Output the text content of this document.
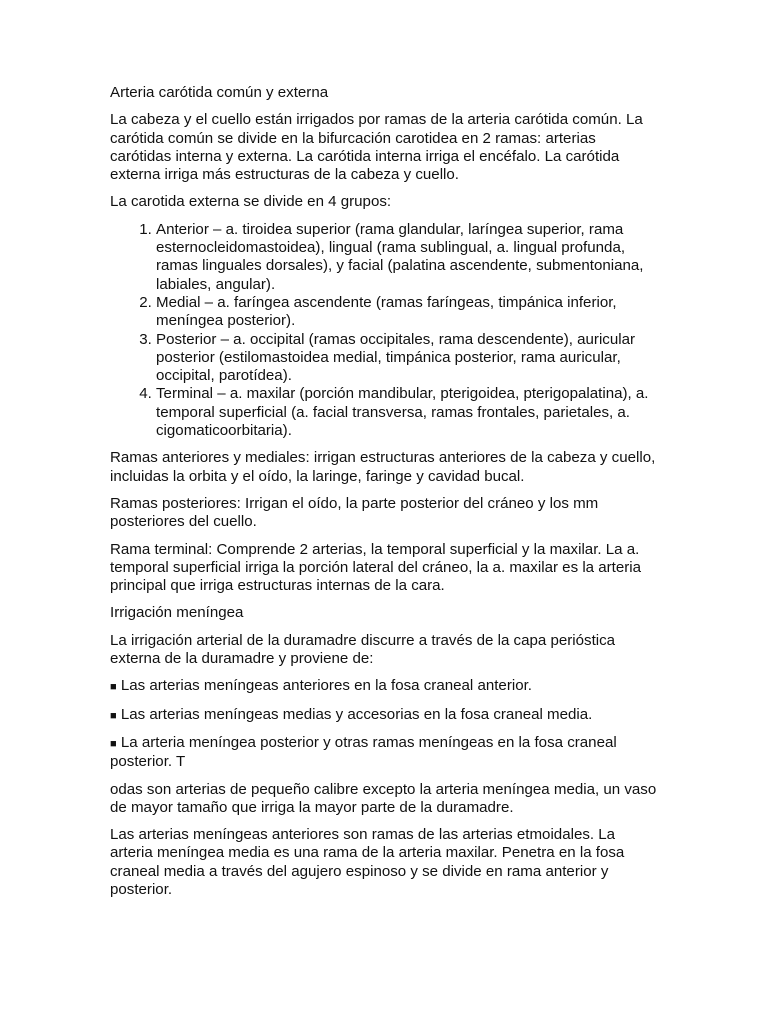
Arteria carótida común y externa

La cabeza y el cuello están irrigados por ramas de la arteria carótida común. La carótida común se divide en la bifurcación carotidea en 2 ramas: arterias carótidas interna y externa. La carótida interna irriga el encéfalo. La carótida externa irriga más estructuras de la cabeza y cuello.

La carotida externa se divide en 4 grupos:

1. Anterior – a. tiroidea superior (rama glandular, laríngea superior, rama esternocleidomastoidea), lingual (rama sublingual, a. lingual profunda, ramas linguales dorsales), y facial (palatina ascendente, submentoniana, labiales, angular).
2. Medial – a. faríngea ascendente (ramas faríngeas, timpánica inferior, meníngea posterior).
3. Posterior – a. occipital (ramas occipitales, rama descendente), auricular posterior (estilomastoidea medial, timpánica posterior, rama auricular, occipital, parotídea).
4. Terminal – a. maxilar (porción mandibular, pterigoidea, pterigopalatina), a. temporal superficial (a. facial transversa, ramas frontales, parietales, a. cigomaticoorbitaria).

Ramas anteriores y mediales: irrigan estructuras anteriores de la cabeza y cuello, incluidas la orbita y el oído, la laringe, faringe y cavidad bucal.

Ramas posteriores: Irrigan el oído, la parte posterior del cráneo y los mm posteriores del cuello.

Rama terminal: Comprende 2 arterias, la temporal superficial y la maxilar. La a. temporal superficial irriga la porción lateral del cráneo, la a. maxilar es la arteria principal que irriga estructuras internas de la cara.

Irrigación meníngea

La irrigación arterial de la duramadre discurre a través de la capa perióstica externa de la duramadre y proviene de:

■ Las arterias meníngeas anteriores en la fosa craneal anterior.
■ Las arterias meníngeas medias y accesorias en la fosa craneal media.
■ La arteria meníngea posterior y otras ramas meníngeas en la fosa craneal posterior. T

odas son arterias de pequeño calibre excepto la arteria meníngea media, un vaso de mayor tamaño que irriga la mayor parte de la duramadre.

Las arterias meníngeas anteriores son ramas de las arterias etmoidales. La arteria meníngea media es una rama de la arteria maxilar. Penetra en la fosa craneal media a través del agujero espinoso y se divide en rama anterior y posterior.
